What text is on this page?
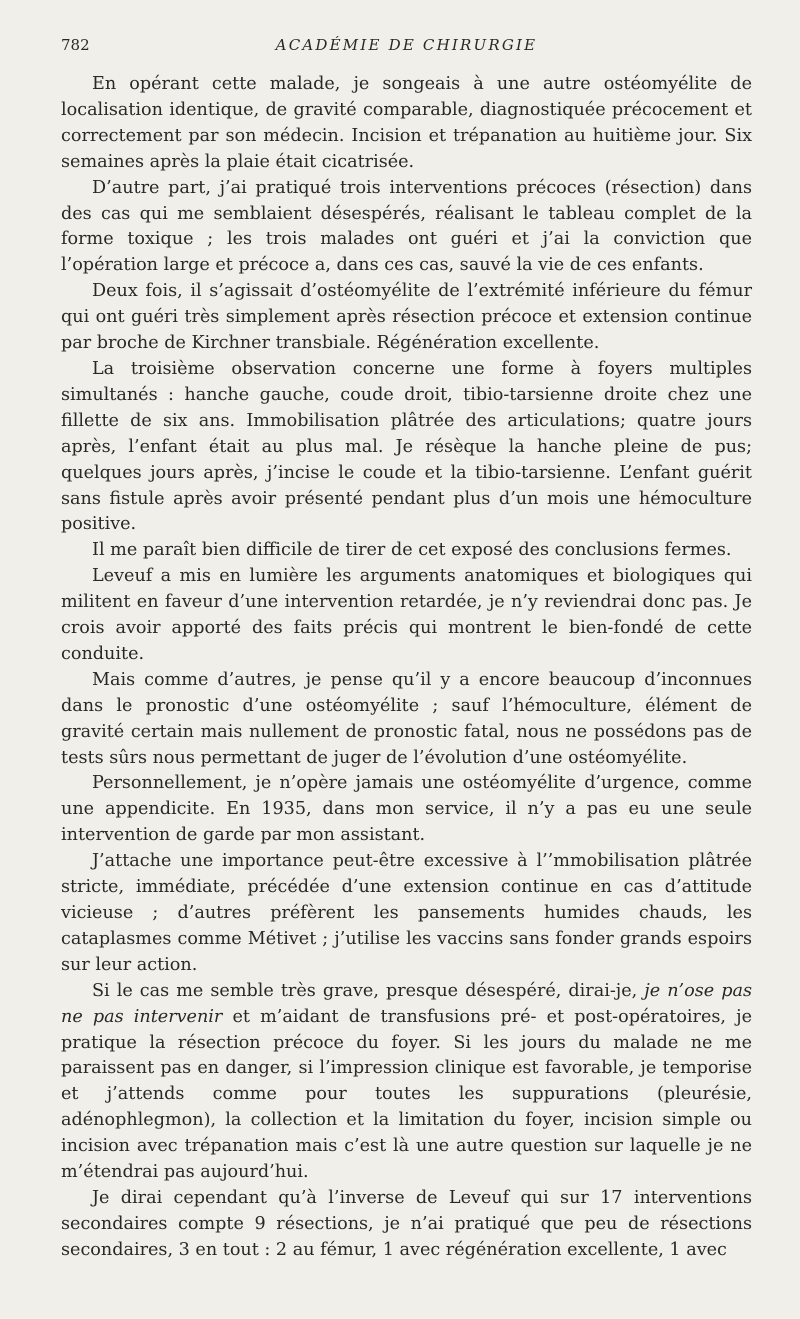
782	ACADÉMIE DE CHIRURGIE

En opérant cette malade, je songeais à une autre ostéomyélite de localisation identique, de gravité comparable, diagnostiquée précocement et correctement par son médecin. Incision et trépanation au huitième jour. Six semaines après la plaie était cicatrisée.

D’autre part, j’ai pratiqué trois interventions précoces (résection) dans des cas qui me semblaient désespérés, réalisant le tableau complet de la forme toxique ; les trois malades ont guéri et j’ai la conviction que l’opération large et précoce a, dans ces cas, sauvé la vie de ces enfants.

Deux fois, il s’agissait d’ostéomyélite de l’extrémité inférieure du fémur qui ont guéri très simplement après résection précoce et extension continue par broche de Kirchner transbiale. Régénération excellente.

La troisième observation concerne une forme à foyers multiples simultanés : hanche gauche, coude droit, tibio-tarsienne droite chez une fillette de six ans. Immobilisation plâtrée des articulations; quatre jours après, l’enfant était au plus mal. Je résèque la hanche pleine de pus; quelques jours après, j’incise le coude et la tibio-tarsienne. L’enfant guérit sans fistule après avoir présenté pendant plus d’un mois une hémoculture positive.

Il me paraît bien difficile de tirer de cet exposé des conclusions fermes.

Leveuf a mis en lumière les arguments anatomiques et biologiques qui militent en faveur d’une intervention retardée, je n’y reviendrai donc pas. Je crois avoir apporté des faits précis qui montrent le bien-fondé de cette conduite.

Mais comme d’autres, je pense qu’il y a encore beaucoup d’inconnues dans le pronostic d’une ostéomyélite ; sauf l’hémoculture, élément de gravité certain mais nullement de pronostic fatal, nous ne possédons pas de tests sûrs nous permettant de juger de l’évolution d’une ostéomyélite.

Personnellement, je n’opère jamais une ostéomyélite d’urgence, comme une appendicite. En 1935, dans mon service, il n’y a pas eu une seule intervention de garde par mon assistant.

J’attache une importance peut-être excessive à l’’mmobilisation plâtrée stricte, immédiate, précédée d’une extension continue en cas d’attitude vicieuse ; d’autres préfèrent les pansements humides chauds, les cataplasmes comme Métivet ; j’utilise les vaccins sans fonder grands espoirs sur leur action.

Si le cas me semble très grave, presque désespéré, dirai-je, je n’ose pas ne pas intervenir et m’aidant de transfusions pré- et post-opératoires, je pratique la résection précoce du foyer. Si les jours du malade ne me paraissent pas en danger, si l’impression clinique est favorable, je temporise et j’attends comme pour toutes les suppurations (pleurésie, adénophlegmon), la collection et la limitation du foyer, incision simple ou incision avec trépanation mais c’est là une autre question sur laquelle je ne m’étendrai pas aujourd’hui.

Je dirai cependant qu’à l’inverse de Leveuf qui sur 17 interventions secondaires compte 9 résections, je n’ai pratiqué que peu de résections secondaires, 3 en tout : 2 au fémur, 1 avec régénération excellente, 1 avec
